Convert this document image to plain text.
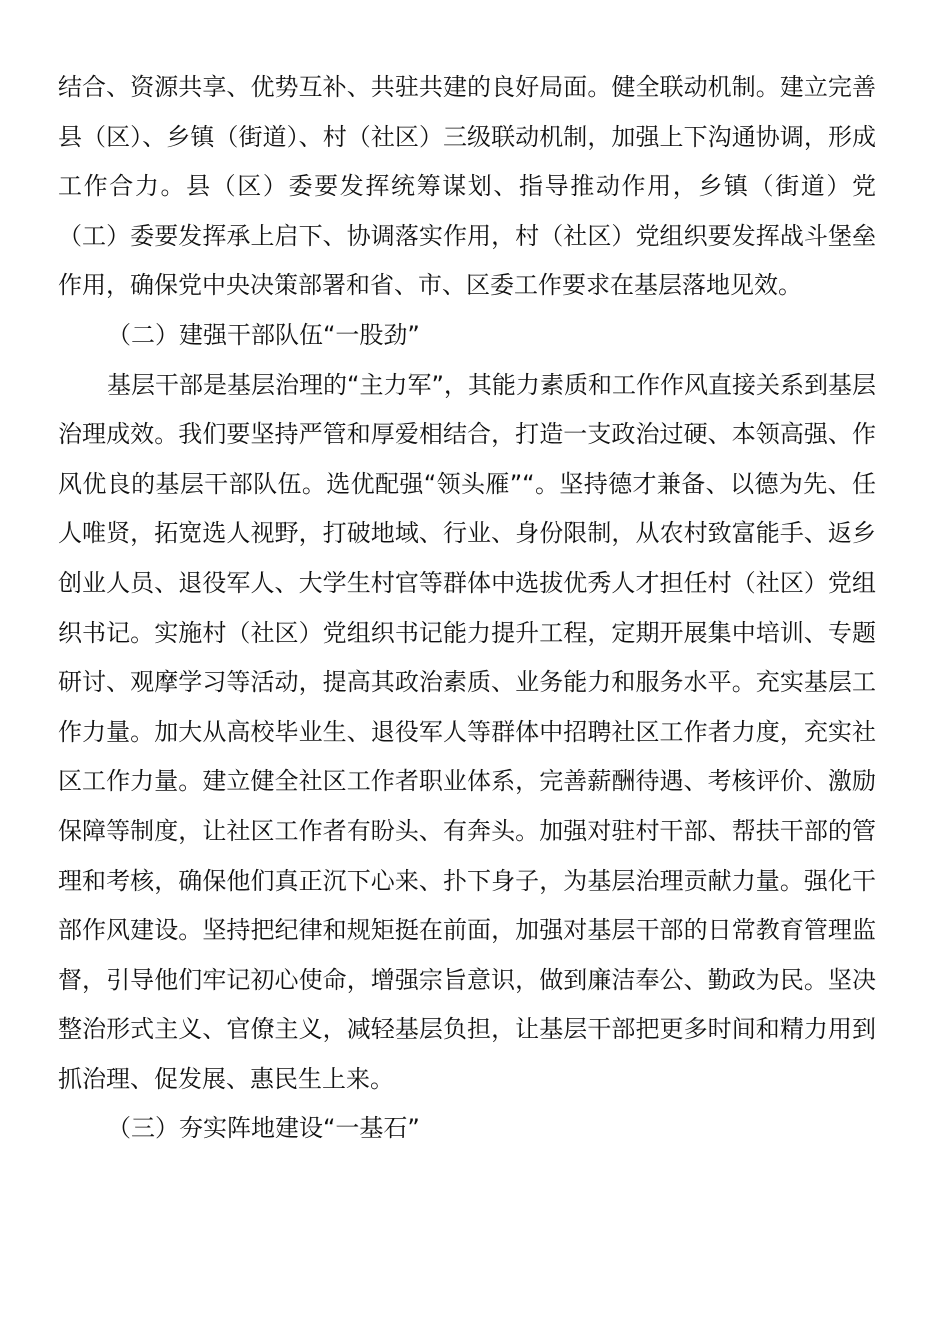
结合、资源共享、优势互补、共驻共建的良好局面。健全联动机制。建立完善县（区）、乡镇（街道）、村（社区）三级联动机制，加强上下沟通协调，形成工作合力。县（区）委要发挥统筹谋划、指导推动作用，乡镇（街道）党（工）委要发挥承上启下、协调落实作用，村（社区）党组织要发挥战斗堡垒作用，确保党中央决策部署和省、市、区委工作要求在基层落地见效。

（二）建强干部队伍“一股劲”

基层干部是基层治理的“主力军”，其能力素质和工作作风直接关系到基层治理成效。我们要坚持严管和厚爱相结合，打造一支政治过硬、本领高强、作风优良的基层干部队伍。选优配强“领头雁”“。坚持德才兼备、以德为先、任人唯贤，拓宽选人视野，打破地域、行业、身份限制，从农村致富能手、返乡创业人员、退役军人、大学生村官等群体中选拔优秀人才担任村（社区）党组织书记。实施村（社区）党组织书记能力提升工程，定期开展集中培训、专题研讨、观摩学习等活动，提高其政治素质、业务能力和服务水平。充实基层工作力量。加大从高校毕业生、退役军人等群体中招聘社区工作者力度，充实社区工作力量。建立健全社区工作者职业体系，完善薪酬待遇、考核评价、激励保障等制度，让社区工作者有盼头、有奔头。加强对驻村干部、帮扶干部的管理和考核，确保他们真正沉下心来、扑下身子，为基层治理贡献力量。强化干部作风建设。坚持把纪律和规矩挺在前面，加强对基层干部的日常教育管理监督，引导他们牢记初心使命，增强宗旨意识，做到廉洁奉公、勤政为民。坚决整治形式主义、官僚主义，减轻基层负担，让基层干部把更多时间和精力用到抓治理、促发展、惠民生上来。

（三）夯实阵地建设“一基石”
